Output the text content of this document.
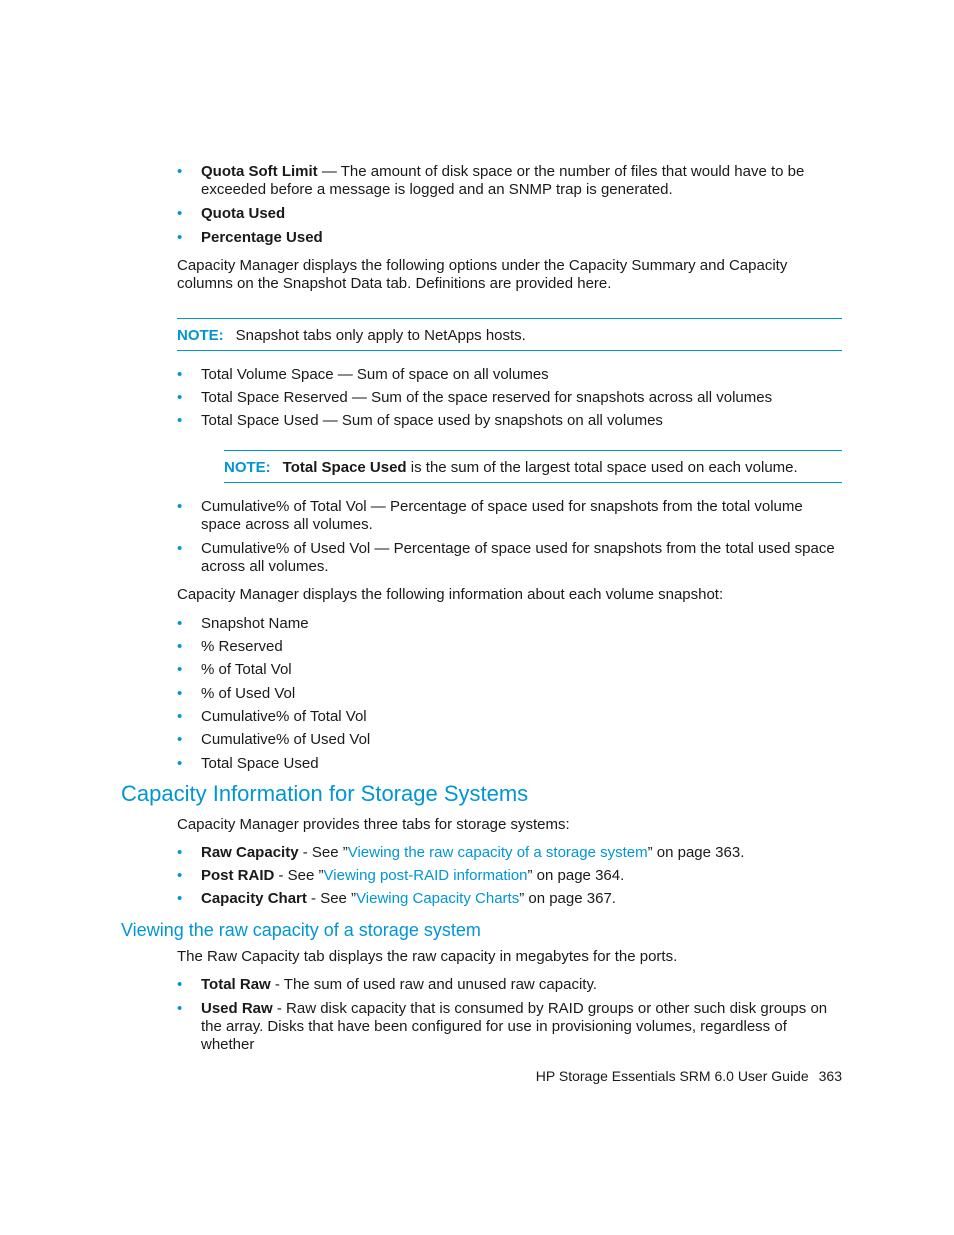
• Quota Soft Limit — The amount of disk space or the number of files that would have to be exceeded before a message is logged and an SNMP trap is generated.
• Quota Used
• Percentage Used
Capacity Manager displays the following options under the Capacity Summary and Capacity columns on the Snapshot Data tab. Definitions are provided here.
NOTE: Snapshot tabs only apply to NetApps hosts.
• Total Volume Space — Sum of space on all volumes
• Total Space Reserved — Sum of the space reserved for snapshots across all volumes
• Total Space Used — Sum of space used by snapshots on all volumes
NOTE: Total Space Used is the sum of the largest total space used on each volume.
• Cumulative% of Total Vol — Percentage of space used for snapshots from the total volume space across all volumes.
• Cumulative% of Used Vol — Percentage of space used for snapshots from the total used space across all volumes.
Capacity Manager displays the following information about each volume snapshot:
• Snapshot Name
• % Reserved
• % of Total Vol
• % of Used Vol
• Cumulative% of Total Vol
• Cumulative% of Used Vol
• Total Space Used
Capacity Information for Storage Systems
Capacity Manager provides three tabs for storage systems:
• Raw Capacity - See ”Viewing the raw capacity of a storage system” on page 363.
• Post RAID - See ”Viewing post-RAID information” on page 364.
• Capacity Chart - See ”Viewing Capacity Charts” on page 367.
Viewing the raw capacity of a storage system
The Raw Capacity tab displays the raw capacity in megabytes for the ports.
• Total Raw - The sum of used raw and unused raw capacity.
• Used Raw - Raw disk capacity that is consumed by RAID groups or other such disk groups on the array. Disks that have been configured for use in provisioning volumes, regardless of whether
HP Storage Essentials SRM 6.0 User Guide 363
